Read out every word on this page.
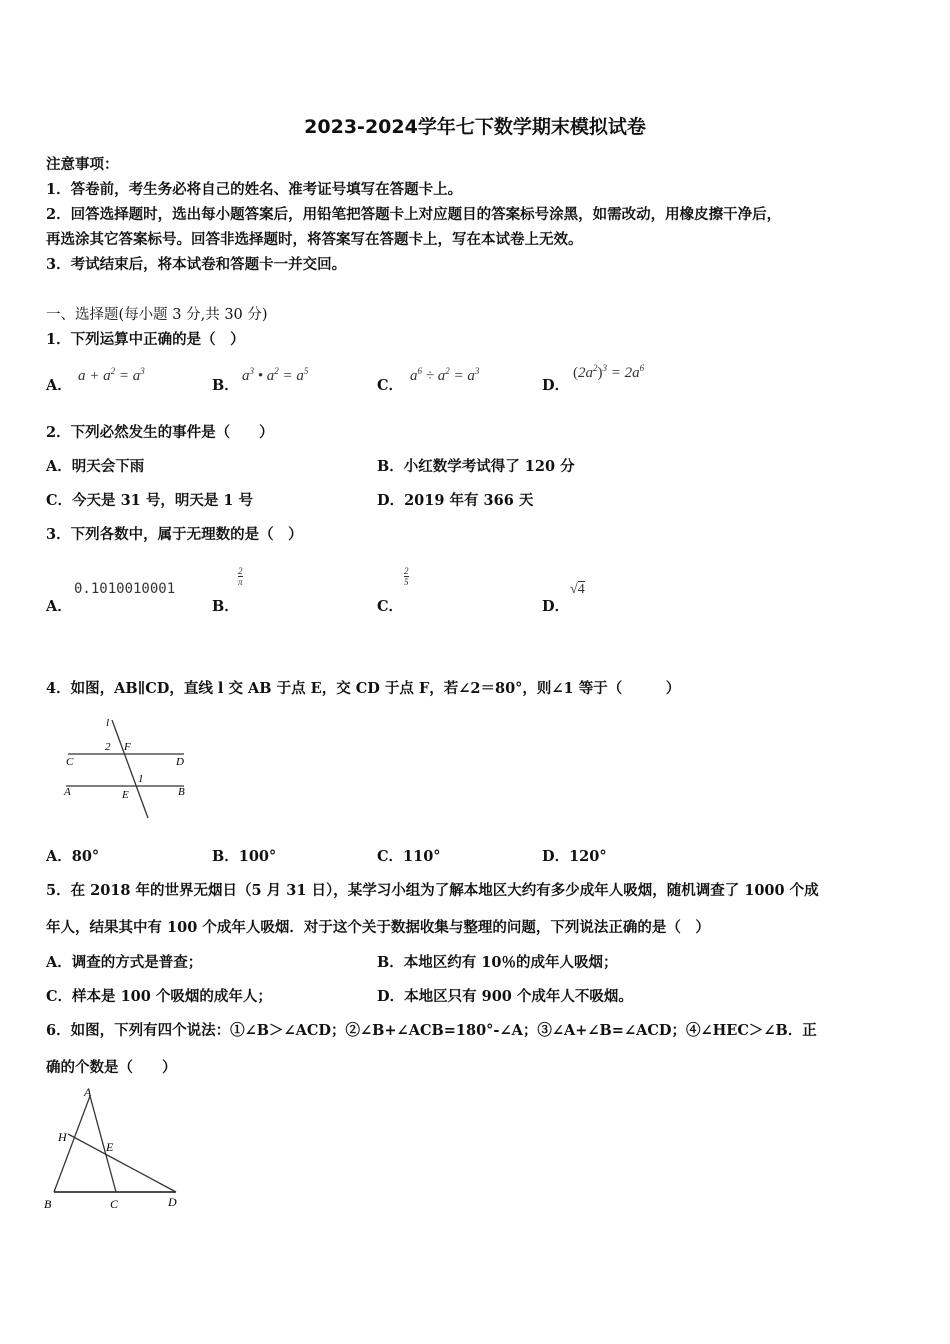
2023-2024学年七下数学期末模拟试卷
注意事项：
1．答卷前，考生务必将自己的姓名、准考证号填写在答题卡上。
2．回答选择题时，选出每小题答案后，用铅笔把答题卡上对应题目的答案标号涂黑，如需改动，用橡皮擦干净后，
再选涂其它答案标号。回答非选择题时，将答案写在答题卡上，写在本试卷上无效。
3．考试结束后，将本试卷和答题卡一并交回。
一、选择题(每小题 3 分,共 30 分)
1．下列运算中正确的是（　）
A．
$a + a^2 = a^3$
B．
$a^3$ • $a^2 = a^5$
C．
$a^6 \div a^2 = a^3$
D．
$(2a^2)^3 = 2a^6$
2．下列必然发生的事件是（　　）
A．明天会下雨	B．小红数学考试得了 120 分
C．今天是 31 号，明天是 1 号	D．2019 年有 366 天
3．下列各数中，属于无理数的是（　）
A．
0.1010010001
B．
$\frac{2}{\pi}$
C．
$\frac{2}{5}$
D．
√4
4．如图，AB∥CD，直线 l 交 AB 于点 E，交 CD 于点 F，若∠2＝80°，则∠1 等于（　　　）
l
2 F
C	D
1
A	E	B
A．80°	B．100°	C．110°	D．120°
5．在 2018 年的世界无烟日（5 月 31 日），某学习小组为了解本地区大约有多少成年人吸烟，随机调查了 1000 个成
年人，结果其中有 100 个成年人吸烟．对于这个关于数据收集与整理的问题，下列说法正确的是（　）
A．调查的方式是普查；	B．本地区约有 10％的成年人吸烟；
C．样本是 100 个吸烟的成年人；	D．本地区只有 900 个成年人不吸烟。
6．如图，下列有四个说法：①∠B＞∠ACD；②∠B+∠ACB=180°-∠A；③∠A+∠B=∠ACD；④∠HEC＞∠B．正
确的个数是（　　）
A
H
E
B	C	D
